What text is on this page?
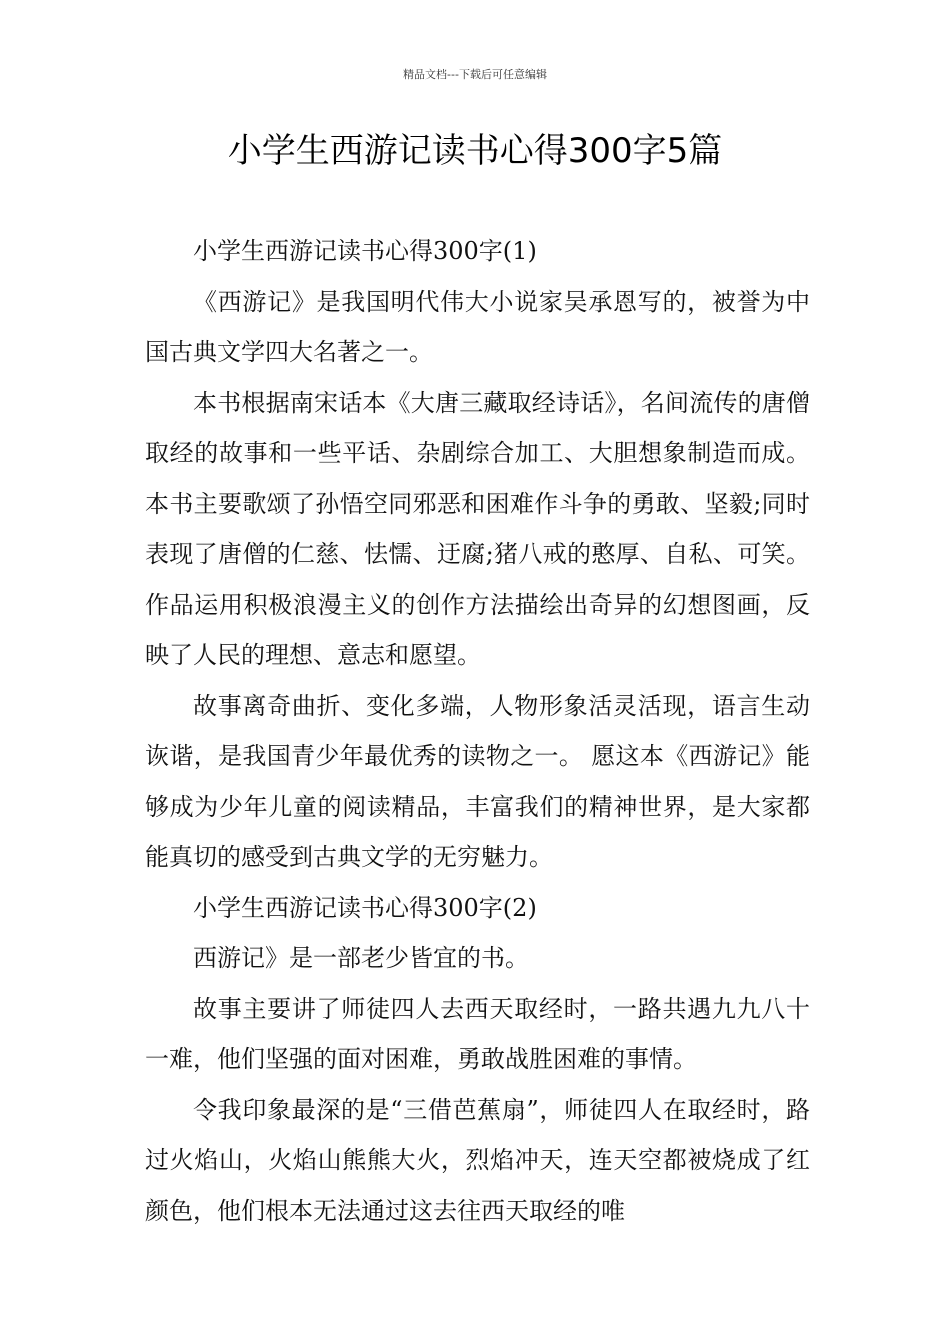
精品文档---下载后可任意编辑
小学生西游记读书心得300字5篇

小学生西游记读书心得300字(1)

《西游记》是我国明代伟大小说家吴承恩写的，被誉为中国古典文学四大名著之一。

本书根据南宋话本《大唐三藏取经诗话》，名间流传的唐僧取经的故事和一些平话、杂剧综合加工、大胆想象制造而成。本书主要歌颂了孙悟空同邪恶和困难作斗争的勇敢、坚毅;同时表现了唐僧的仁慈、怯懦、迂腐;猪八戒的憨厚、自私、可笑。作品运用积极浪漫主义的创作方法描绘出奇异的幻想图画，反映了人民的理想、意志和愿望。

故事离奇曲折、变化多端，人物形象活灵活现，语言生动诙谐，是我国青少年最优秀的读物之一。 愿这本《西游记》能够成为少年儿童的阅读精品，丰富我们的精神世界，是大家都能真切的感受到古典文学的无穷魅力。

小学生西游记读书心得300字(2)

西游记》是一部老少皆宜的书。

故事主要讲了师徒四人去西天取经时，一路共遇九九八十一难，他们坚强的面对困难，勇敢战胜困难的事情。

令我印象最深的是“三借芭蕉扇”，师徒四人在取经时，路过火焰山，火焰山熊熊大火，烈焰冲天，连天空都被烧成了红颜色，他们根本无法通过这去往西天取经的唯
